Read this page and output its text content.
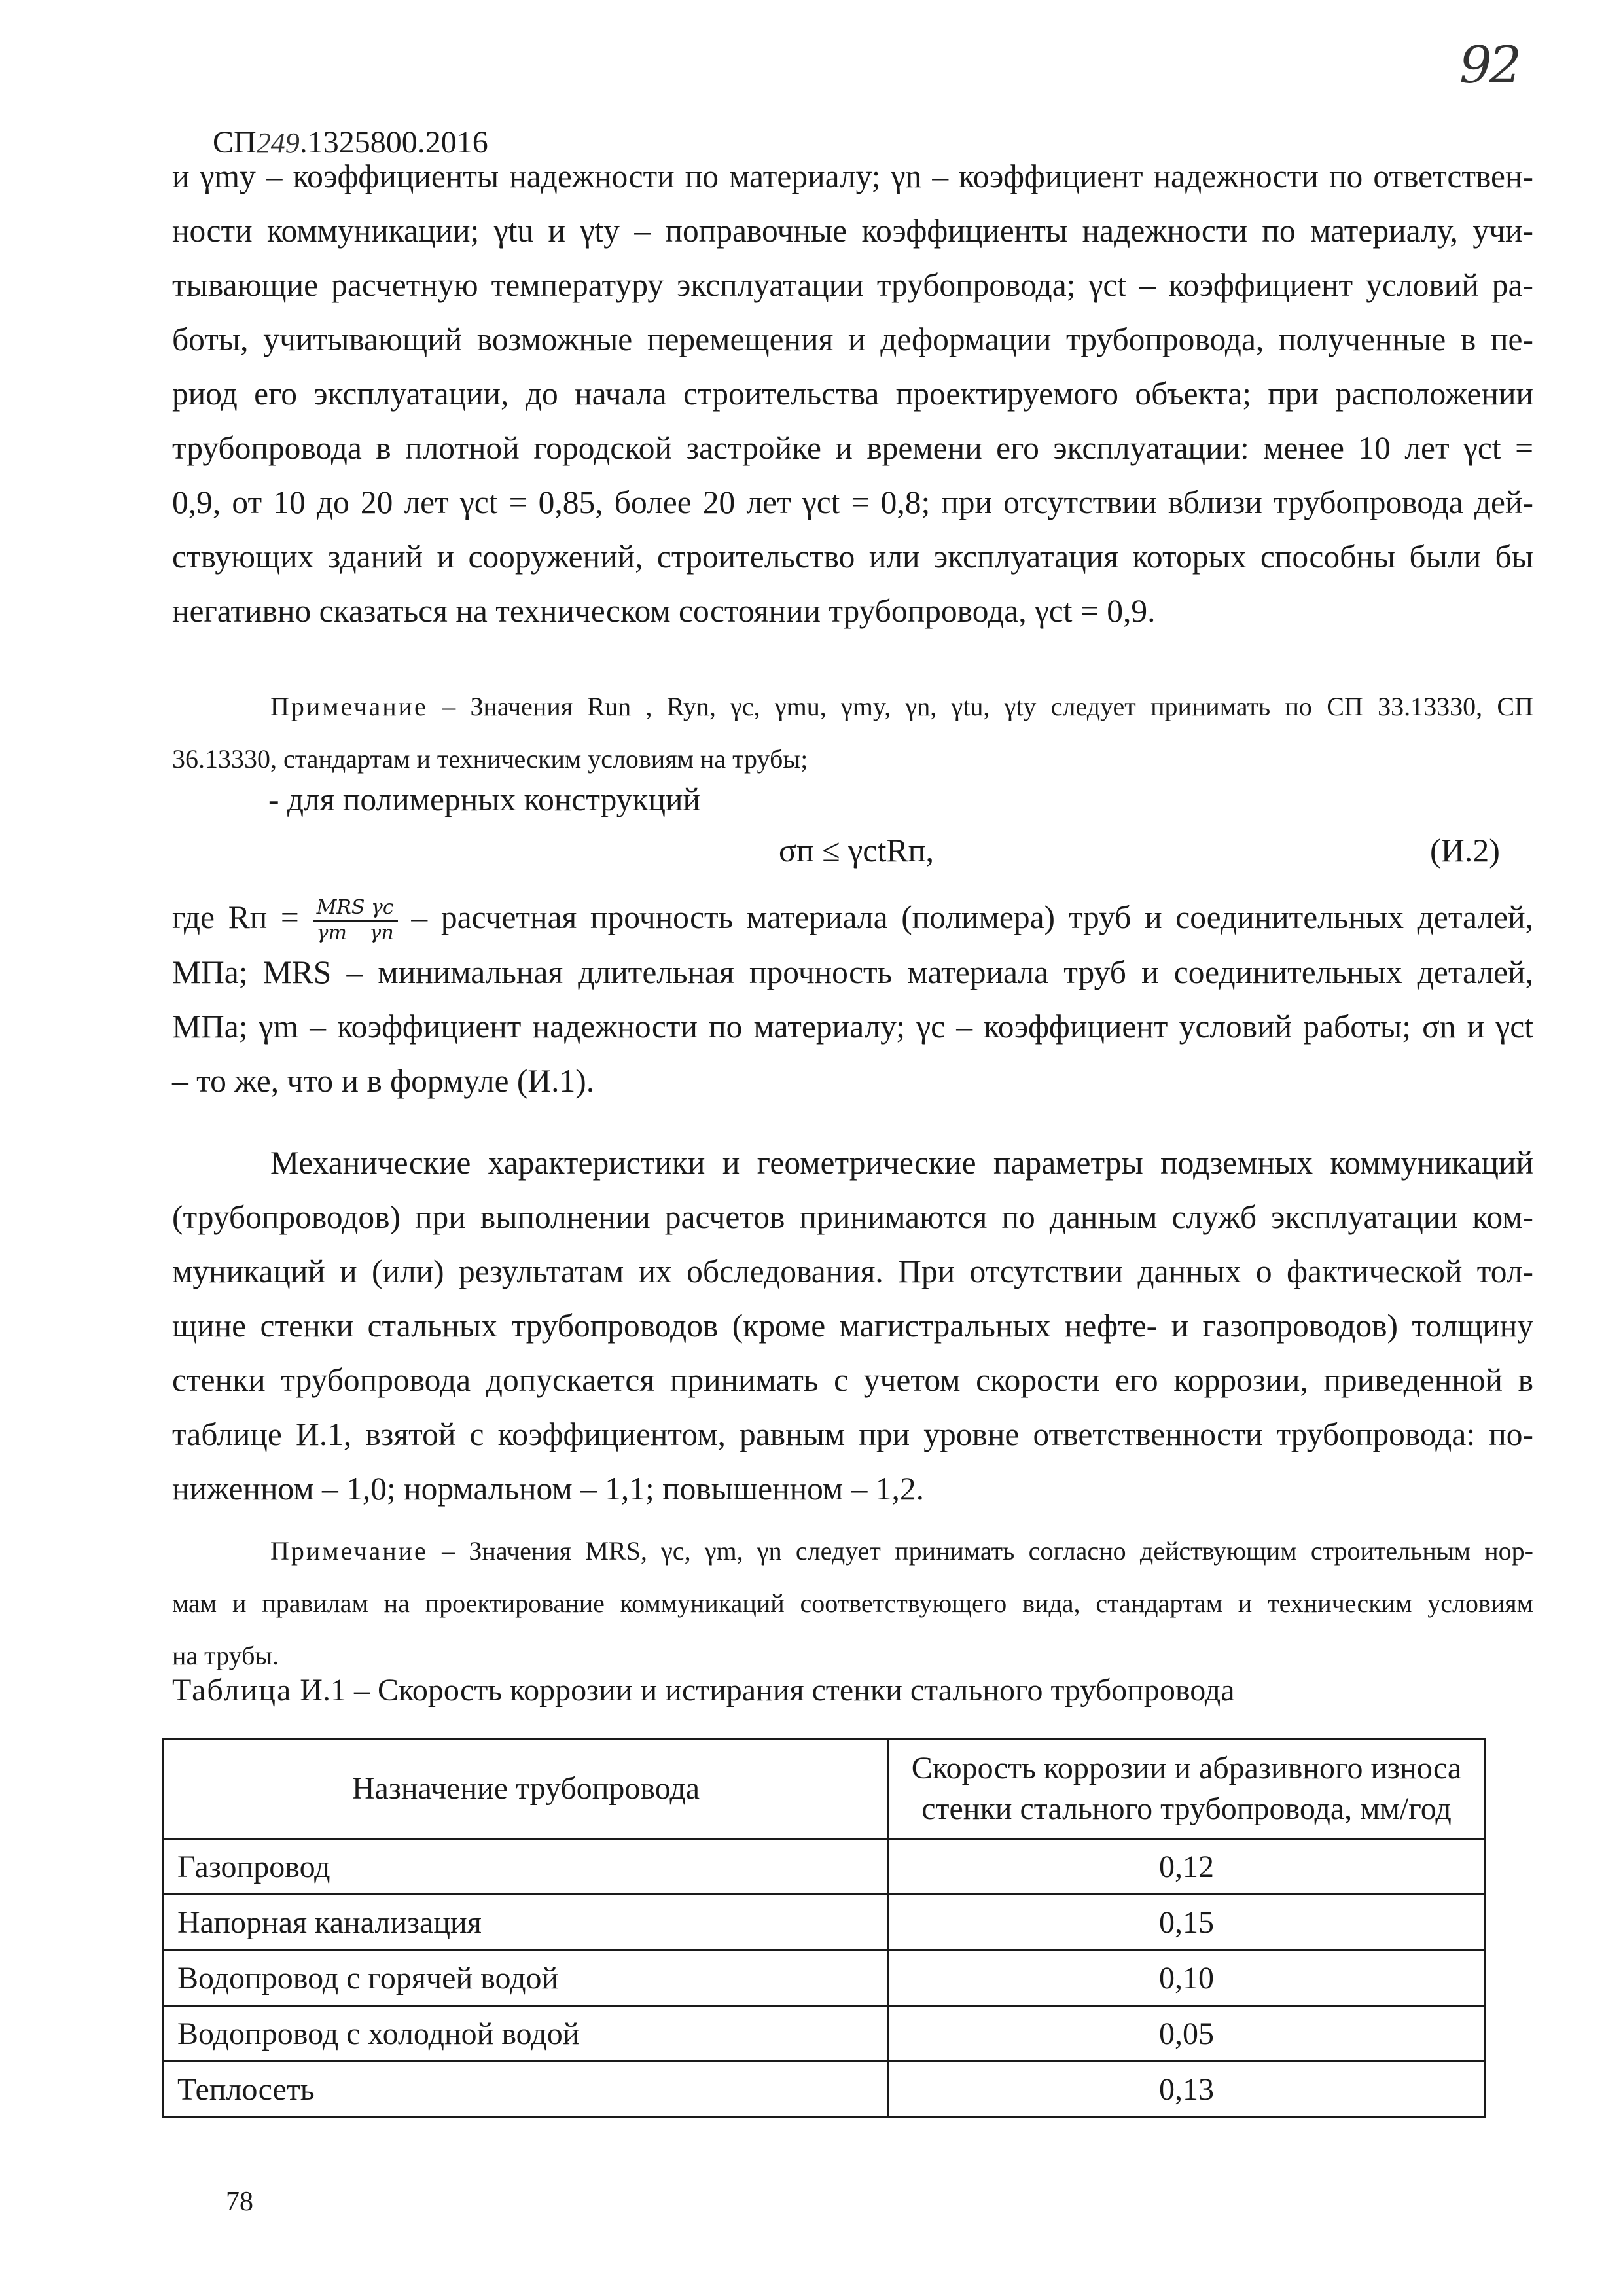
92
СП249.1325800.2016
и γmy – коэффициенты надежности по материалу; γn – коэффициент надежности по ответствен-
ности коммуникации; γtu и γty – поправочные коэффициенты надежности по материалу, учи-
тывающие расчетную температуру эксплуатации трубопровода; γct – коэффициент условий ра-
боты, учитывающий возможные перемещения и деформации трубопровода, полученные в пе-
риод его эксплуатации, до начала строительства проектируемого объекта; при расположении
трубопровода в плотной городской застройке и времени его эксплуатации: менее 10 лет γct =
0,9, от 10 до 20 лет γct = 0,85, более 20 лет γct = 0,8; при отсутствии вблизи трубопровода дей-
ствующих зданий и сооружений, строительство или эксплуатация которых способны были бы
негативно сказаться на техническом состоянии трубопровода, γct = 0,9.
Примечание – Значения Run , Ryn, γc, γmu, γmy, γn, γtu, γty следует принимать по СП 33.13330, СП
36.13330, стандартам и техническим условиям на трубы;
- для полимерных конструкций
σп ≤ γctRп,	(И.2)
где Rп = $\frac{\text{MRS γc}}{\text{γm γn}}$ – расчетная прочность материала (полимера) труб и соединительных деталей,
МПа; MRS – минимальная длительная прочность материала труб и соединительных деталей,
МПа; γm – коэффициент надежности по материалу; γc – коэффициент условий работы; σn и γct
– то же, что и в формуле (И.1).
Механические характеристики и геометрические параметры подземных коммуникаций
(трубопроводов) при выполнении расчетов принимаются по данным служб эксплуатации ком-
муникаций и (или) результатам их обследования. При отсутствии данных о фактической тол-
щине стенки стальных трубопроводов (кроме магистральных нефте- и газопроводов) толщину
стенки трубопровода допускается принимать с учетом скорости его коррозии, приведенной в
таблице И.1, взятой с коэффициентом, равным при уровне ответственности трубопровода: по-
ниженном – 1,0; нормальном – 1,1; повышенном – 1,2.
Примечание – Значения MRS, γc, γm, γn следует принимать согласно действующим строительным нор-
мам и правилам на проектирование коммуникаций соответствующего вида, стандартам и техническим условиям
на трубы.
Таблица И.1 – Скорость коррозии и истирания стенки стального трубопровода
Назначение трубопровода	Скорость коррозии и абразивного износа стенки стального трубопровода, мм/год
Газопровод	0,12
Напорная канализация	0,15
Водопровод с горячей водой	0,10
Водопровод с холодной водой	0,05
Теплосеть	0,13
78
